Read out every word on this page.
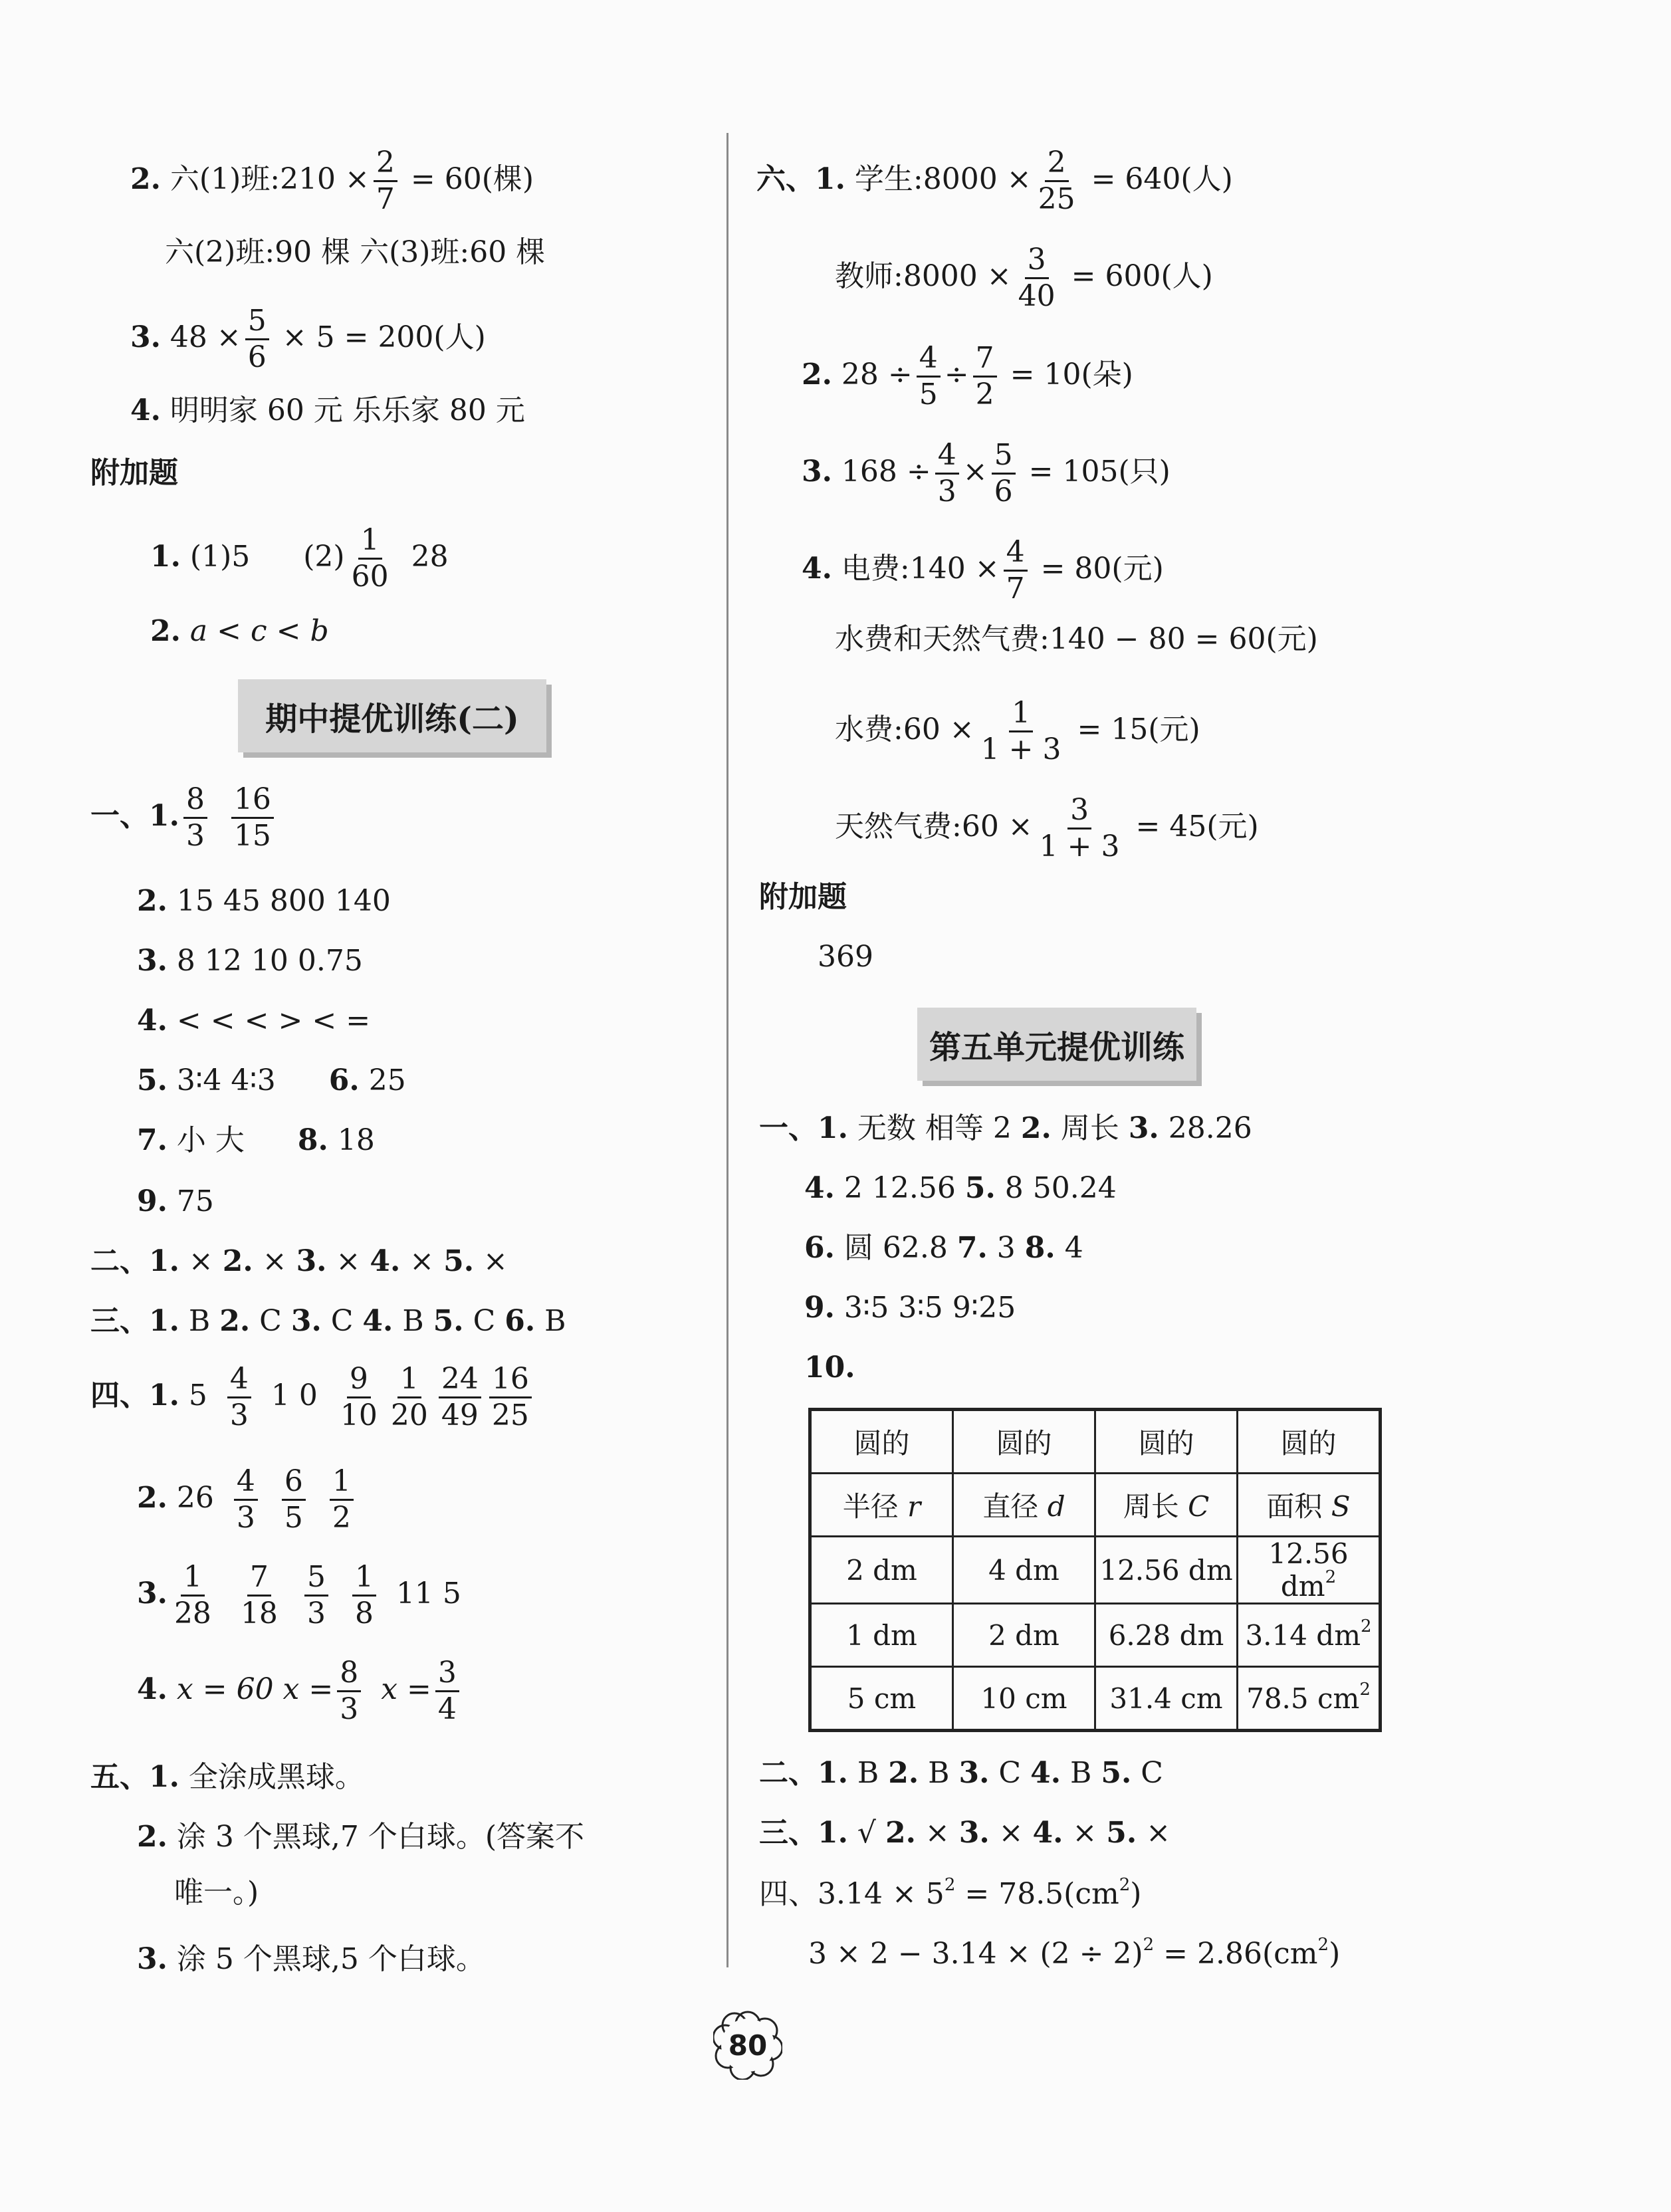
2. 六(1)班:210 × $\frac{2}{7} = 60$(棵)
六(2)班:90 棵 六(3)班:60 棵
3. $48 \times \frac{5}{6} \times 5 = 200$(人)
4. 明明家 60 元 乐乐家 80 元
附加题
1. (1)5 $(2) \frac{1}{60} 28$
2. a < c < b
期中提优训练(二)
一、1. $\frac{8}{3} \frac{16}{15}$
2. 15 45 800 140
3. 8 12 10 0.75
4. < < < > < =
5. 3∶4 4∶3 6. 25
7. 小 大 8. 18
9. 75
二、1. × 2. × 3. × 4. × 5. ×
三、1. B 2. C 3. C 4. B 5. C 6. B
四、1. $5 \frac{4}{3} 1$ $0 \frac{9}{10} \frac{1}{20} \frac{24}{49} \frac{16}{25}$
2. $26 \frac{4}{3} \frac{6}{5} \frac{1}{2}$
3. $\frac{1}{28} \frac{7}{18} \frac{5}{3} \frac{1}{8} 11$ 5
4. x = 60 $x = \frac{8}{3}$ $x = \frac{3}{4}$
五、1. 全涂成黑球。
2. 涂 3 个黑球,7 个白球。(答案不
唯一。)
3. 涂 5 个黑球,5 个白球。
六、1. 学生:8000 × $\frac{2}{25} = 640$(人)
教师:8000 × $\frac{3}{40} = 600$(人)
2. $28 \div \frac{4}{5} \div \frac{7}{2} = 10$(朵)
3. $168 \div \frac{4}{3} \times \frac{5}{6} = 105$(只)
4. 电费:140 × $\frac{4}{7} = 80$(元)
水费和天然气费:140 − 80 = 60(元)
水费:60 × $\frac{1}{1 + 3} = 15$(元)
天然气费:60 × $\frac{3}{1 + 3} = 45$(元)
附加题
369
第五单元提优训练
一、1. 无数 相等 2 2. 周长 3. 28.26
4. 2 12.56 5. 8 50.24
6. 圆 62.8 7. 3 8. 4
9. 3∶5 3∶5 9∶25
10.
圆的	圆的	圆的	圆的
半径 r	直径 d	周长 C	面积 S
2 dm	4 dm	12.56 dm	12.56 $dm^2$
1 dm	2 dm	6.28 dm	3.14 $dm^2$
5 cm	10 cm	31.4 cm	78.5 $cm^2$
二、1. B 2. B 3. C 4. B 5. C
三、1. √ 2. × 3. × 4. × 5. ×
四、$3.14 \times 5^2 = 78.5(cm^2)$
$3 \times 2 - 3.14 \times (2 \div 2)^2 = 2.86(cm^2)$
80
